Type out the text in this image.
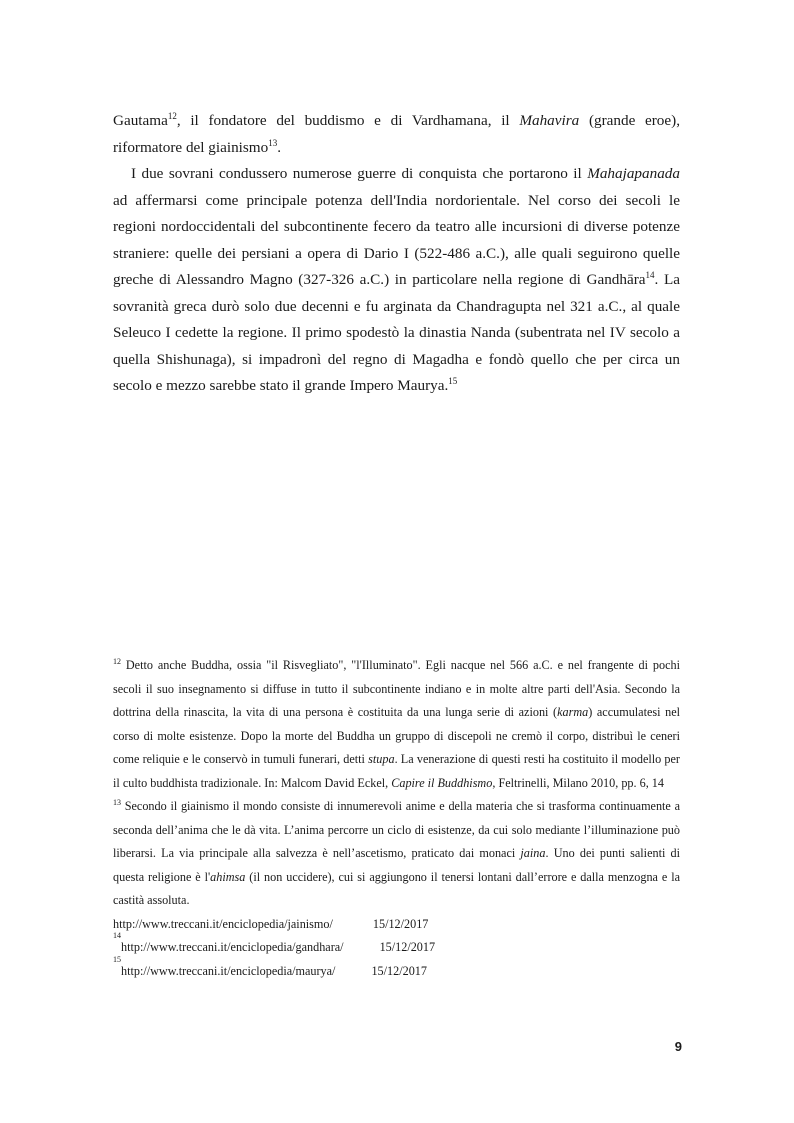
Gautama$^{12}$, il fondatore del buddismo e di Vardhamana, il Mahavira (grande eroe), riformatore del giainismo$^{13}$.

I due sovrani condussero numerose guerre di conquista che portarono il Mahajapanada ad affermarsi come principale potenza dell'India nordorientale. Nel corso dei secoli le regioni nordoccidentali del subcontinente fecero da teatro alle incursioni di diverse potenze straniere: quelle dei persiani a opera di Dario I (522-486 a.C.), alle quali seguirono quelle greche di Alessandro Magno (327-326 a.C.) in particolare nella regione di Gandhāra$^{14}$. La sovranità greca durò solo due decenni e fu arginata da Chandragupta nel 321 a.C., al quale Seleuco I cedette la regione. Il primo spodestò la dinastia Nanda (subentrata nel IV secolo a quella Shishunaga), si impadronì del regno di Magadha e fondò quello che per circa un secolo e mezzo sarebbe stato il grande Impero Maurya.$^{15}$

$^{12}$ Detto anche Buddha, ossia "il Risvegliato", "l'Illuminato". Egli nacque nel 566 a.C. e nel frangente di pochi secoli il suo insegnamento si diffuse in tutto il subcontinente indiano e in molte altre parti dell'Asia. Secondo la dottrina della rinascita, la vita di una persona è costituita da una lunga serie di azioni (karma) accumulatesi nel corso di molte esistenze. Dopo la morte del Buddha un gruppo di discepoli ne cremò il corpo, distribuì le ceneri come reliquie e le conservò in tumuli funerari, detti stupa. La venerazione di questi resti ha costituito il modello per il culto buddhista tradizionale. In: Malcom David Eckel, Capire il Buddhismo, Feltrinelli, Milano 2010, pp. 6, 14

$^{13}$ Secondo il giainismo il mondo consiste di innumerevoli anime e della materia che si trasforma continuamente a seconda dell’anima che le dà vita. L’anima percorre un ciclo di esistenze, da cui solo mediante l’illuminazione può liberarsi. La via principale alla salvezza è nell’ascetismo, praticato dai monaci jaina. Uno dei punti salienti di questa religione è l'ahimsa (il non uccidere), cui si aggiungono il tenersi lontani dall’errore e dalla menzogna e la castità assoluta.

http://www.treccani.it/enciclopedia/jainismo/	15/12/2017

14
http://www.treccani.it/enciclopedia/gandhara/	15/12/2017

15
http://www.treccani.it/enciclopedia/maurya/	15/12/2017

9
